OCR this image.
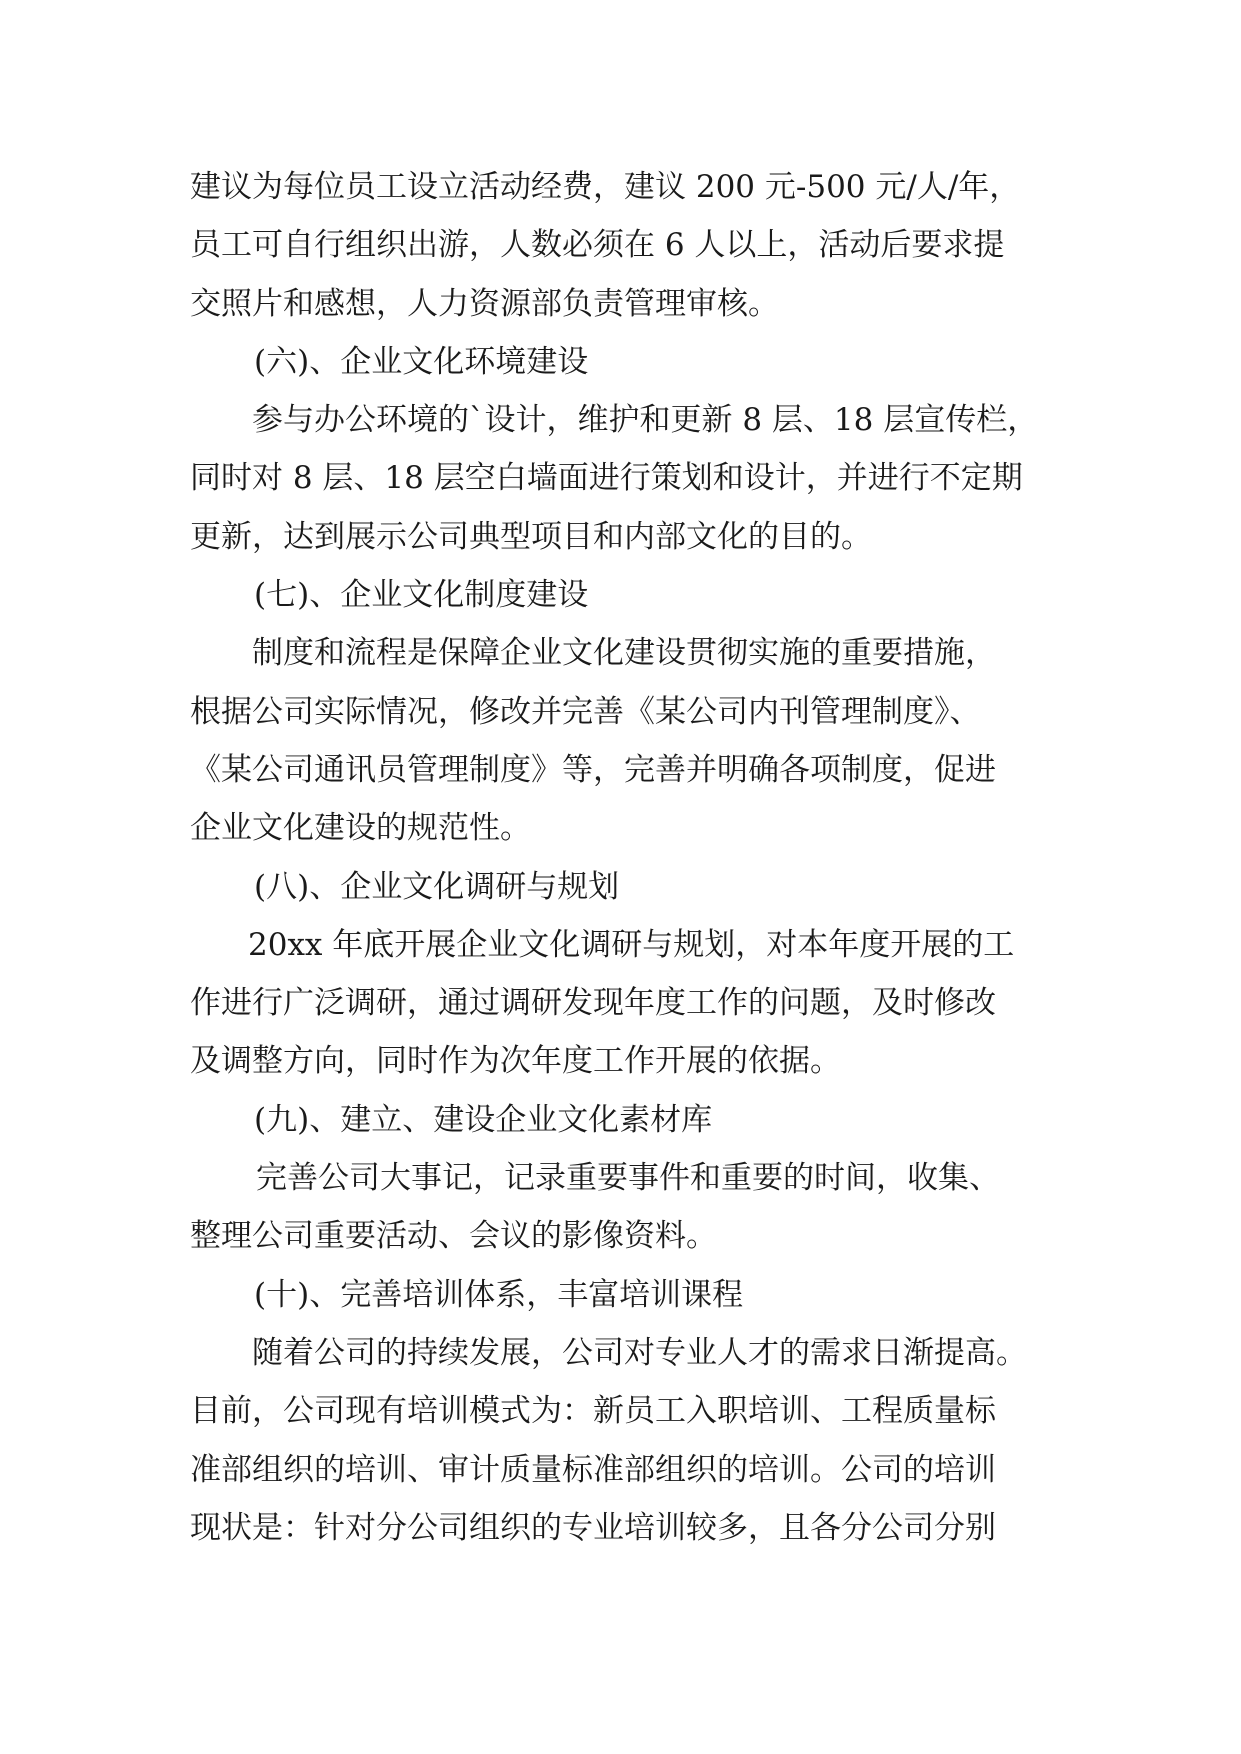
建议为每位员工设立活动经费，建议 200 元-500 元/人/年，
员工可自行组织出游，人数必须在 6 人以上，活动后要求提
交照片和感想，人力资源部负责管理审核。
(六)、企业文化环境建设
参与办公环境的`设计，维护和更新 8 层、18 层宣传栏，
同时对 8 层、18 层空白墙面进行策划和设计，并进行不定期
更新，达到展示公司典型项目和内部文化的目的。
(七)、企业文化制度建设
制度和流程是保障企业文化建设贯彻实施的重要措施，
根据公司实际情况，修改并完善《某公司内刊管理制度》、
《某公司通讯员管理制度》等，完善并明确各项制度，促进
企业文化建设的规范性。
(八)、企业文化调研与规划
20xx 年底开展企业文化调研与规划，对本年度开展的工
作进行广泛调研，通过调研发现年度工作的问题，及时修改
及调整方向，同时作为次年度工作开展的依据。
(九)、建立、建设企业文化素材库
完善公司大事记，记录重要事件和重要的时间，收集、
整理公司重要活动、会议的影像资料。
(十)、完善培训体系，丰富培训课程
随着公司的持续发展，公司对专业人才的需求日渐提高。
目前，公司现有培训模式为：新员工入职培训、工程质量标
准部组织的培训、审计质量标准部组织的培训。公司的培训
现状是：针对分公司组织的专业培训较多，且各分公司分别
